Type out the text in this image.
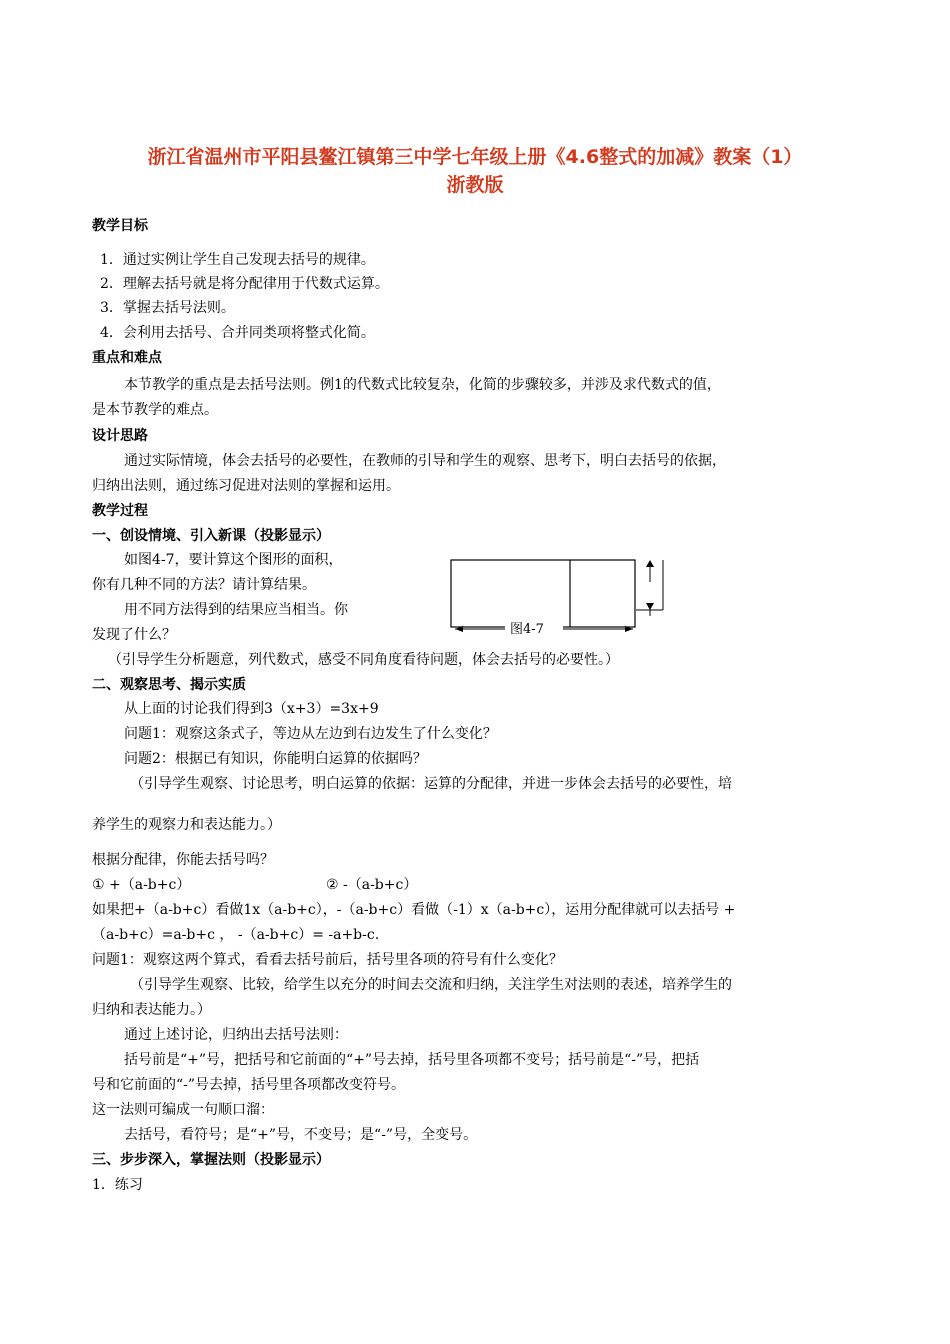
浙江省温州市平阳县鳌江镇第三中学七年级上册《4.6整式的加减》教案（1）
浙教版
教学目标
1．通过实例让学生自己发现去括号的规律。
2．理解去括号就是将分配律用于代数式运算。
3．掌握去括号法则。
4．会利用去括号、合并同类项将整式化简。
重点和难点
本节教学的重点是去括号法则。例1的代数式比较复杂，化简的步骤较多，并涉及求代数式的值，
是本节教学的难点。
设计思路
通过实际情境，体会去括号的必要性，在教师的引导和学生的观察、思考下，明白去括号的依据，
归纳出法则，通过练习促进对法则的掌握和运用。
教学过程
一、创设情境、引入新课（投影显示）
如图4-7，要计算这个图形的面积，
你有几种不同的方法？请计算结果。
用不同方法得到的结果应当相当。你
发现了什么？	图4-7
（引导学生分析题意，列代数式，感受不同角度看待问题，体会去括号的必要性。）
二、观察思考、揭示实质
从上面的讨论我们得到3（x+3）=3x+9
问题1：观察这条式子，等边从左边到右边发生了什么变化？
问题2：根据已有知识，你能明白运算的依据吗？
（引导学生观察、讨论思考，明白运算的依据：运算的分配律，并进一步体会去括号的必要性，培
养学生的观察力和表达能力。）
根据分配律，你能去括号吗？
① +（a-b+c）	② -（a-b+c）
如果把+（a-b+c）看做1x（a-b+c），-（a-b+c）看做（-1）x（a-b+c），运用分配律就可以去括号 +
（a-b+c）=a-b+c ， -（a-b+c）= -a+b-c.
问题1：观察这两个算式，看看去括号前后，括号里各项的符号有什么变化？
（引导学生观察、比较，给学生以充分的时间去交流和归纳，关注学生对法则的表述，培养学生的
归纳和表达能力。）
通过上述讨论，归纳出去括号法则：
括号前是“+”号，把括号和它前面的“+”号去掉，括号里各项都不变号；括号前是“-”号，把括
号和它前面的“-”号去掉，括号里各项都改变符号。
这一法则可编成一句顺口溜：
去括号，看符号；是“+”号，不变号；是“-”号，全变号。
三、步步深入，掌握法则（投影显示）
1．练习
